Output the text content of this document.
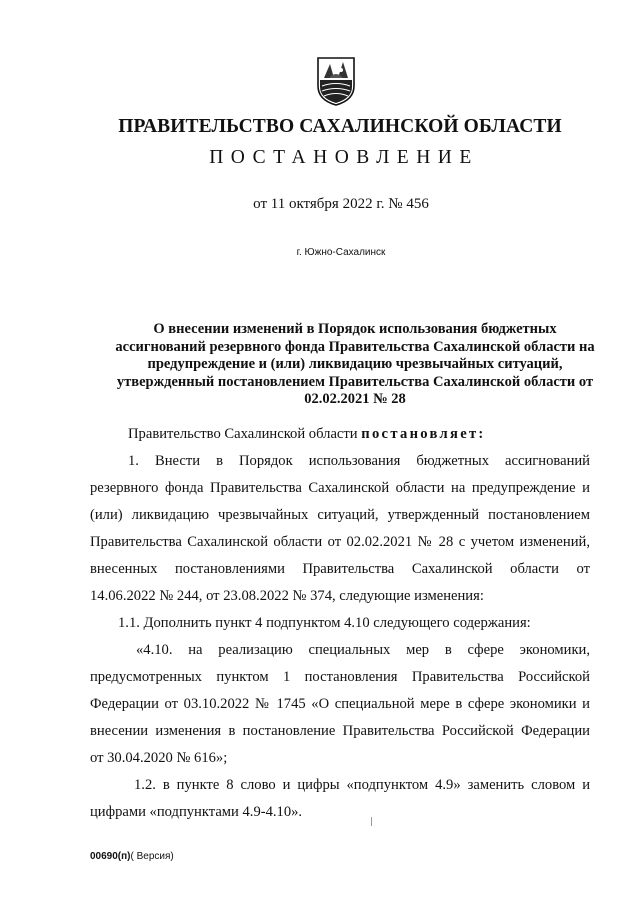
ПРАВИТЕЛЬСТВО САХАЛИНСКОЙ ОБЛАСТИ
ПОСТАНОВЛЕНИЕ
от 11 октября 2022 г. № 456
г. Южно-Сахалинск
О внесении изменений в Порядок использования бюджетных
ассигнований резервного фонда Правительства Сахалинской области на
предупреждение и (или) ликвидацию чрезвычайных ситуаций,
утвержденный постановлением Правительства Сахалинской области от
02.02.2021 № 28
Правительство Сахалинской области постановляет:
1. Внести в Порядок использования бюджетных ассигнований
резервного фонда Правительства Сахалинской области на предупреждение и
(или) ликвидацию чрезвычайных ситуаций, утвержденный постановлением
Правительства Сахалинской области от 02.02.2021 № 28 с учетом изменений,
внесенных постановлениями Правительства Сахалинской области от
14.06.2022 № 244, от 23.08.2022 № 374, следующие изменения:
1.1. Дополнить пункт 4 подпунктом 4.10 следующего содержания:
«4.10. на реализацию специальных мер в сфере экономики,
предусмотренных пунктом 1 постановления Правительства Российской
Федерации от 03.10.2022 № 1745 «О специальной мере в сфере экономики и
внесении изменения в постановление Правительства Российской Федерации
от 30.04.2020 № 616»;
1.2. в пункте 8 слово и цифры «подпунктом 4.9» заменить словом и
цифрами «подпунктами 4.9-4.10».
00690(п)( Версия)
